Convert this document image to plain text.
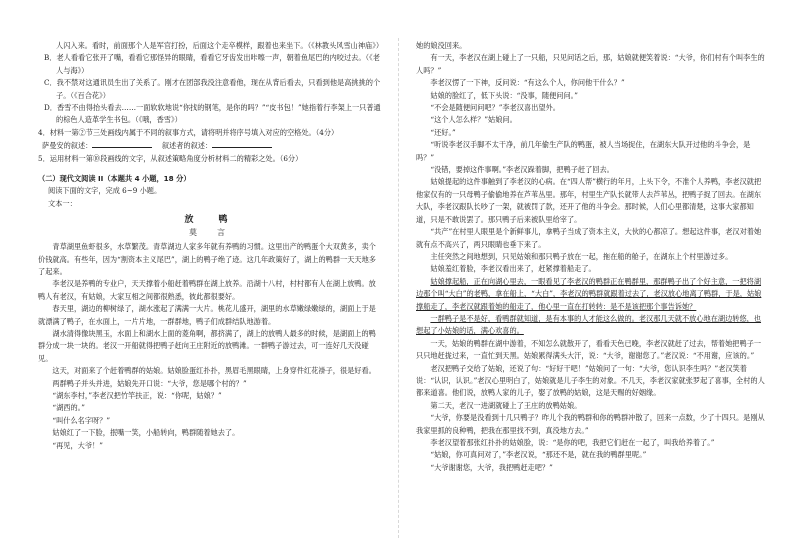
人闪入来。看时，前面那个人是军官打扮，后面这个走卒模样，跟着也来坐下。（《林教头风雪山神庙》）

B．老人看看它张开了嘴，看看它那怪异的眼睛，看看它牙齿发出咔嚓一声，朝着鱼尾巴的内咬过去。（《老人与海》）

C．我不禁对这通讯员生出了关系了。刚才在团部我没注意看他，现在从背后看去，只看到他是高挑挑的个子。（《百合花》）

D．香雪不由得抬头看去……一面软软地说“你找的钢笔，是你的吗？”“皮书包！”她指着行李架上一只普通的棕色人造革学生书包。（《哦，香雪》）

4．材料一第②节三处画线内属于不同的叙事方式，请将明并将序号填入对应的空格处。（4分）

萨曼安的叙述：　	叙述者的叙述：

5．运用材料一第⑩段画线的文字，从叙述策略角度分析材料二的精彩之处。（6分）

（二）现代文阅读 II（本题共 4 小题，18 分）

阅读下面的文字，完成 6~9 小题。

文本一：

放　鸭

莫　言

青草湖里鱼虾很多，水草繁茂。青草湖边人家多年就有养鸭的习惯。这里出产的鸭蛋个大双黄多，卖个价钱就高。有些年，因为“割资本主义尾巴”，湖上的鸭子绝了迹。这几年政策好了，湖上的鸭群一天天地多了起来。

李老汉是养鸭的专业户，天天撑着小船赶着鸭群在湖上放养。沿湖十八村，村村都有人在湖上放鸭。放鸭人有老汉，有姑娘，大家互相之间都很熟悉，彼此都很要好。

春天里，湖边的柳树绿了，湖水涨起了满满一大片。桃花儿盛开，湖里的水草嫩绿嫩绿的，湖面上于是就漂满了鸭子，在水面上，一片片地，一群群地，鸭子们成群结队地游着。

湖水清得像块黑玉，水面上和湖水上面的菱角啊，都挤满了，湖上的放鸭人最多的时候，是湖面上的鸭群分成一块一块的。老汉一开船就得把鸭子赶向王庄附近的放鸭滩。一群鸭子游过去，可一连好几天没碰见。

这天，对面来了个赶着鸭群的姑娘。姑娘脸蛋红扑扑，黑眉毛黑眼睛，上身穿件红花褂子，很是好看。

两群鸭子并头并进，姑娘先开口说：“大爷，您是哪个村的？”

“湖东李村，”李老汉把竹竿扶正，说：“你呢，姑娘？”

“湖西的。”

“叫什么名字呀？”

姑娘红了一下脸，抿嘴一笑，小船转向，鸭群随着她去了。

“再见，大爷！”

她的娘没回来。

有一天，李老汉在湖上碰上了一只船，只见问话之后，那，姑娘就便笑着说：“大爷，你们村有个叫李生的人吗？”

李老汉愣了一下神，反问说：“有这么个人，你问他干什么？”

姑娘的脸红了，低下头说：“没事，随便问问。”

“不会是随便问问吧？”李老汉喜出望外。

“这个人怎么样？”姑娘问。

“还好。”

“听说李老汉手脚不太干净，前几年偷生产队的鸭蛋，被人当场捉住，在湖东大队开过他的斗争会，是吗？”

“没错，要掉这件事啊。”李老汉跺着脚，把鸭子赶了回去。

姑娘提起的这件事触到了李老汉的心病。在“四人帮”横行的年月，上头下令，不准个人养鸭，李老汉就把他家仅有的一只母鸭子偷偷地养在芦苇丛里。那年，村里生产队长就带人去芦苇丛，把鸭子捉了回去。在湖东大队，李老汉跟队长吵了一架，就被罚了款，还开了他的斗争会。那时候，人们心里都清楚，这事大家都知道，只是不敢说罢了。那只鸭子后来被队里给宰了。

“共产”在村里人眼里是个新鲜事儿，拿鸭子当成了资本主义，大伙的心都凉了。想起这件事，老汉对着她就有点不高兴了，两只眼睛也垂下来了。

主任突然之间地想到，只见姑娘和那只鸭子放在一起，拖在船的舱子，在湖东上个村里游过多。

姑娘羞红着脸，李老汉看出来了，赶紧撑着船走了。

姑娘撑起船，正在向湖心里去，一眼看见了李老汉的鸭群正在鸭群里，那群鸭子出了个好主意，一把将湖边那个叫“大白”的老鸭，拿在船上，“大白”，李老汉的鸭群就跟着过去了，老汉放心地离了鸭群，于是，姑娘撑船走了，李老汉就跟着她的船走了，他心里一直在打转转：是不是该把那个事告诉她？

一群鸭子是不是好，看鸭群就知道，是有本事的人才能这么做的。老汉那几天就不放心地在湖边转悠，也想起了小姑娘的话，满心欢喜的。

一天，姑娘的鸭群在湖中游着，不知怎么就散开了，看看天色已晚，李老汉就赶了过去，帮着她把鸭子一只只地赶拢过来，一直忙到天黑。姑娘累得满头大汗，说：“大爷，谢谢您了。”老汉说：“不用谢，应该的。”

老汉把鸭子交给了姑娘，还说了句：“好好干吧！”姑娘问了一句：“大爷，您认识李生吗？”老汉笑着说：“认识，认识。”老汉心里明白了，姑娘就是儿子李生的对象。不几天，李老汉家就张罗起了喜事，全村的人都来道喜。他们说，放鸭人家的儿子，娶了放鸭的姑娘，这是天赐的好姻缘。

第二天，老汉一进湖就碰上了王庄的放鸭姑娘。

“大爷，你要是没看到十几只鸭子？昨儿个我的鸭群和你的鸭群冲散了，回来一点数，少了十四只。是刚从我家里抓的良种鸭，把我在那里找不到，真没地方去。”

李老汉望着那张红扑扑的姑娘脸，说：“是你的吧，我把它们赶在一起了，叫我给养着了。”

“姑娘，你可真问对了，”李老汉说，“那还不是，就在我的鸭群里呢。”

“大爷谢谢您，大爷，我把鸭赶走吧？”
